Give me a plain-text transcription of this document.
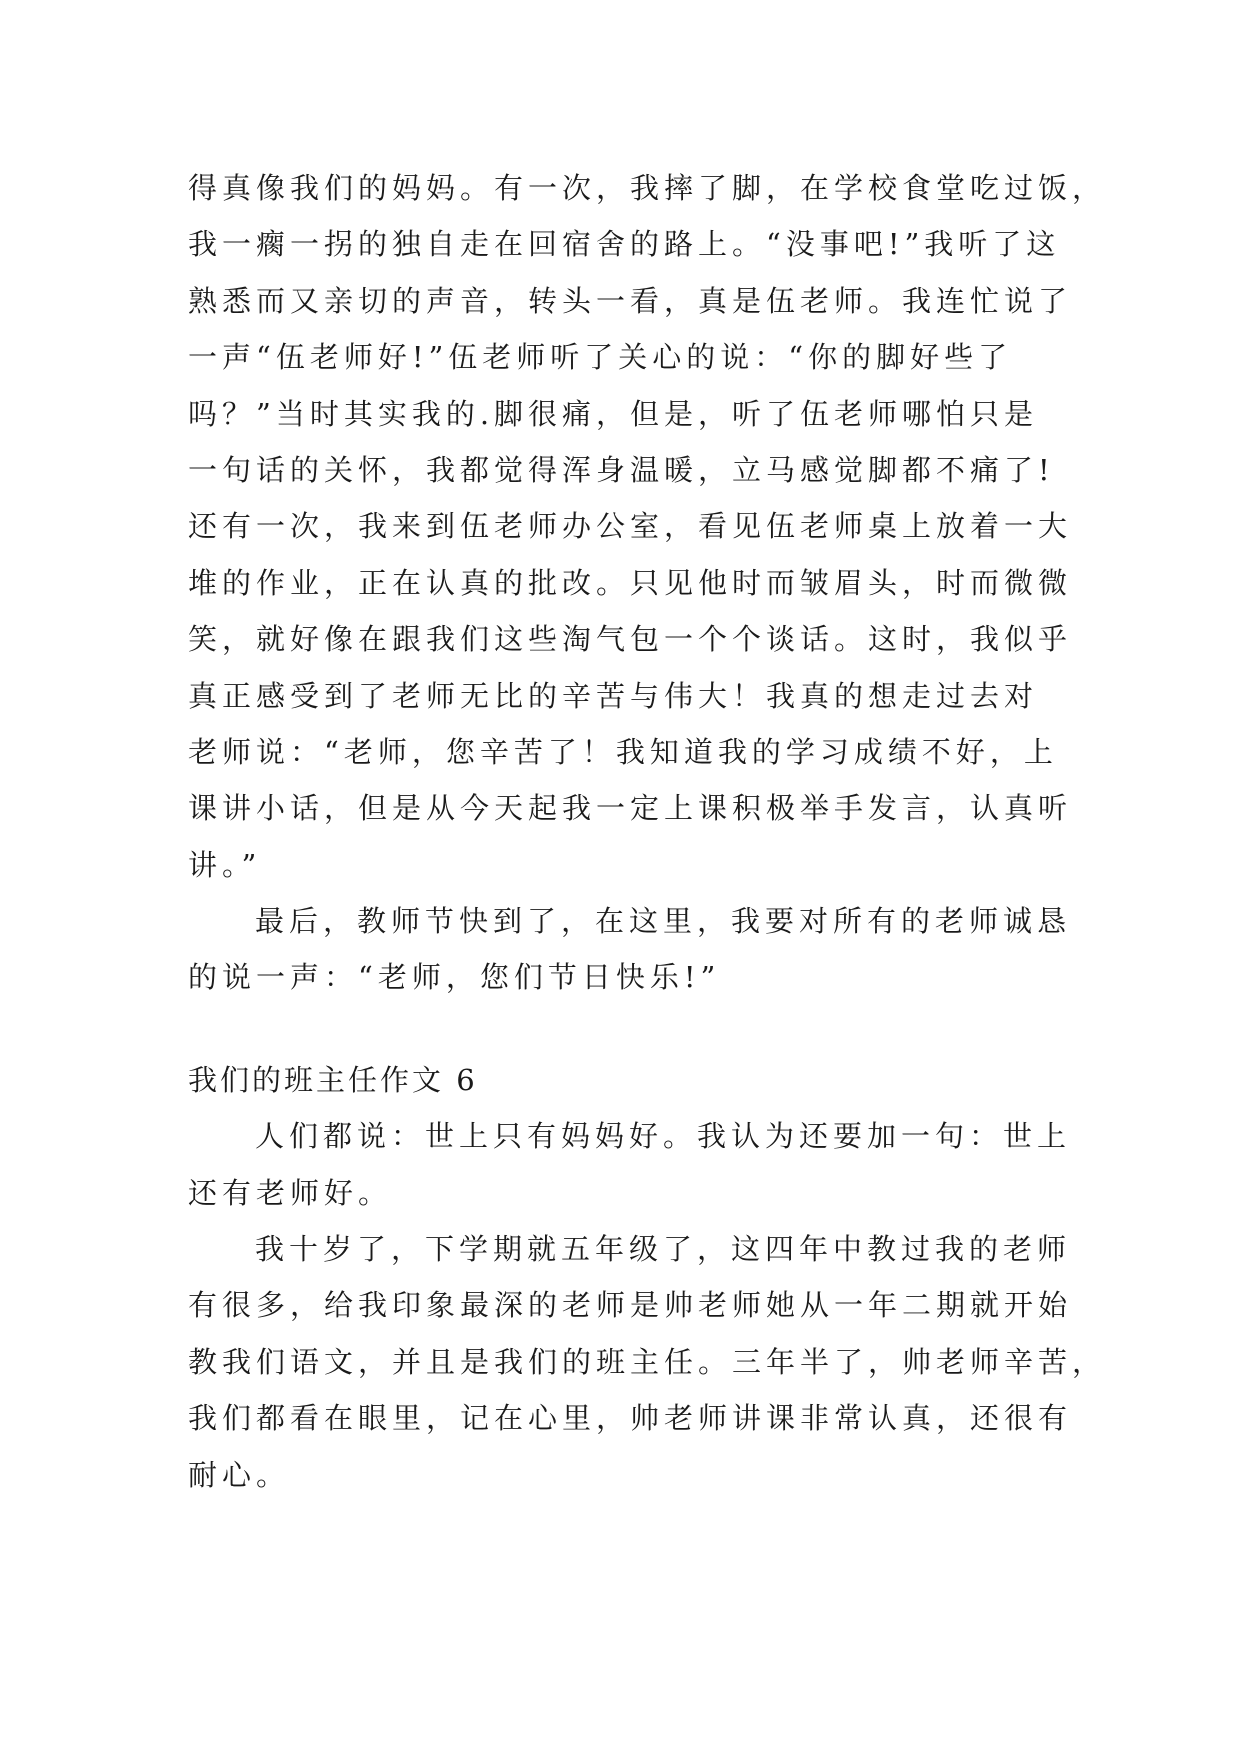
得真像我们的妈妈。有一次，我摔了脚，在学校食堂吃过饭，
我一瘸一拐的独自走在回宿舍的路上。“没事吧!”我听了这
熟悉而又亲切的声音，转头一看，真是伍老师。我连忙说了
一声“伍老师好!”伍老师听了关心的说：“你的脚好些了
吗？”当时其实我的.脚很痛，但是，听了伍老师哪怕只是
一句话的关怀，我都觉得浑身温暖，立马感觉脚都不痛了!
还有一次，我来到伍老师办公室，看见伍老师桌上放着一大
堆的作业，正在认真的批改。只见他时而皱眉头，时而微微
笑，就好像在跟我们这些淘气包一个个谈话。这时，我似乎
真正感受到了老师无比的辛苦与伟大！我真的想走过去对
老师说：“老师，您辛苦了！我知道我的学习成绩不好，上
课讲小话，但是从今天起我一定上课积极举手发言，认真听
讲。”
最后，教师节快到了，在这里，我要对所有的老师诚恳
的说一声：“老师，您们节日快乐!”
我们的班主任作文 6
人们都说：世上只有妈妈好。我认为还要加一句：世上
还有老师好。
我十岁了，下学期就五年级了，这四年中教过我的老师
有很多，给我印象最深的老师是帅老师她从一年二期就开始
教我们语文，并且是我们的班主任。三年半了，帅老师辛苦，
我们都看在眼里，记在心里，帅老师讲课非常认真，还很有
耐心。
